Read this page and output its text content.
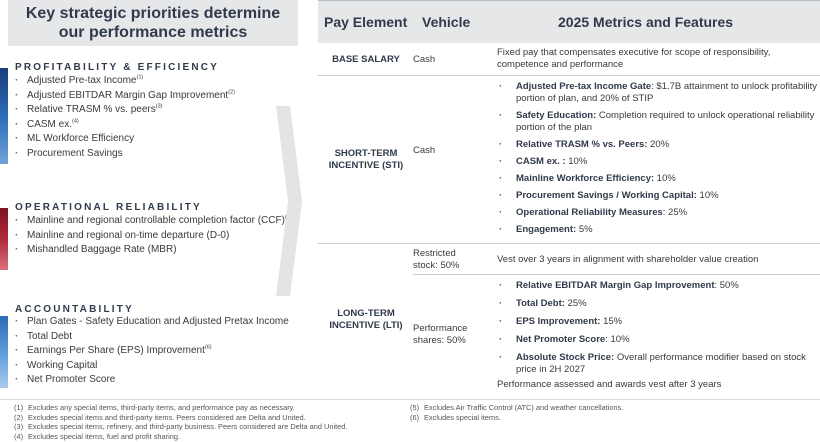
Key strategic priorities determine our performance metrics
PROFITABILITY & EFFICIENCY
· Adjusted Pre-tax Income$^{(1)}$
· Adjusted EBITDAR Margin Gap Improvement$^{(2)}$
· Relative TRASM % vs. peers$^{(3)}$
· CASM ex.$^{(4)}$
· ML Workforce Efficiency
· Procurement Savings
OPERATIONAL RELIABILITY
· Mainline and regional controllable completion factor (CCF)
· Mainline and regional on-time departure (D-0)
· Mishandled Baggage Rate (MBR)
ACCOUNTABILITY
· Plan Gates - Safety Education and Adjusted Pretax Income
· Total Debt
· Earnings Per Share (EPS) Improvement$^{(6)}$
· Working Capital
· Net Promoter Score
Pay Element Vehicle	2025 Metrics and Features
BASE SALARY	Cash
Fixed pay that compensates executive for scope of responsibility, competence and performance
SHORT-TERM
INCENTIVE (STI)
Cash
· Adjusted Pre-tax Income Gate: $1.7B attainment to unlock profitability portion of plan, and 20% of STIP
· Safety Education: Completion required to unlock operational reliability portion of the plan
· Relative TRASM % vs. Peers: 20%
· CASM ex. : 10%
· Mainline Workforce Efficiency: 10%
· Procurement Savings / Working Capital: 10%
· Operational Reliability Measures: 25%
· Engagement: 5%
LONG-TERM
INCENTIVE (LTI)
Restricted stock: 50%
Vest over 3 years in alignment with shareholder value creation
Performance shares: 50%
· Relative EBITDAR Margin Gap Improvement: 50%
· Total Debt: 25%
· EPS Improvement: 15%
· Net Promoter Score: 10%
· Absolute Stock Price: Overall performance modifier based on stock price in 2H 2027
Performance assessed and awards vest after 3 years
(1) Excludes any special items, third-party items, and performance pay as necessary.
(2) Excludes special items and third-party items. Peers considered are Delta and United.
(3) Excludes special items, refinery, and third-party business. Peers considered are Delta and United.
(4) Excludes special items, fuel and profit sharing.
(5) Excludes Air Traffic Control (ATC) and weather cancellations.
(6) Excludes special items.
